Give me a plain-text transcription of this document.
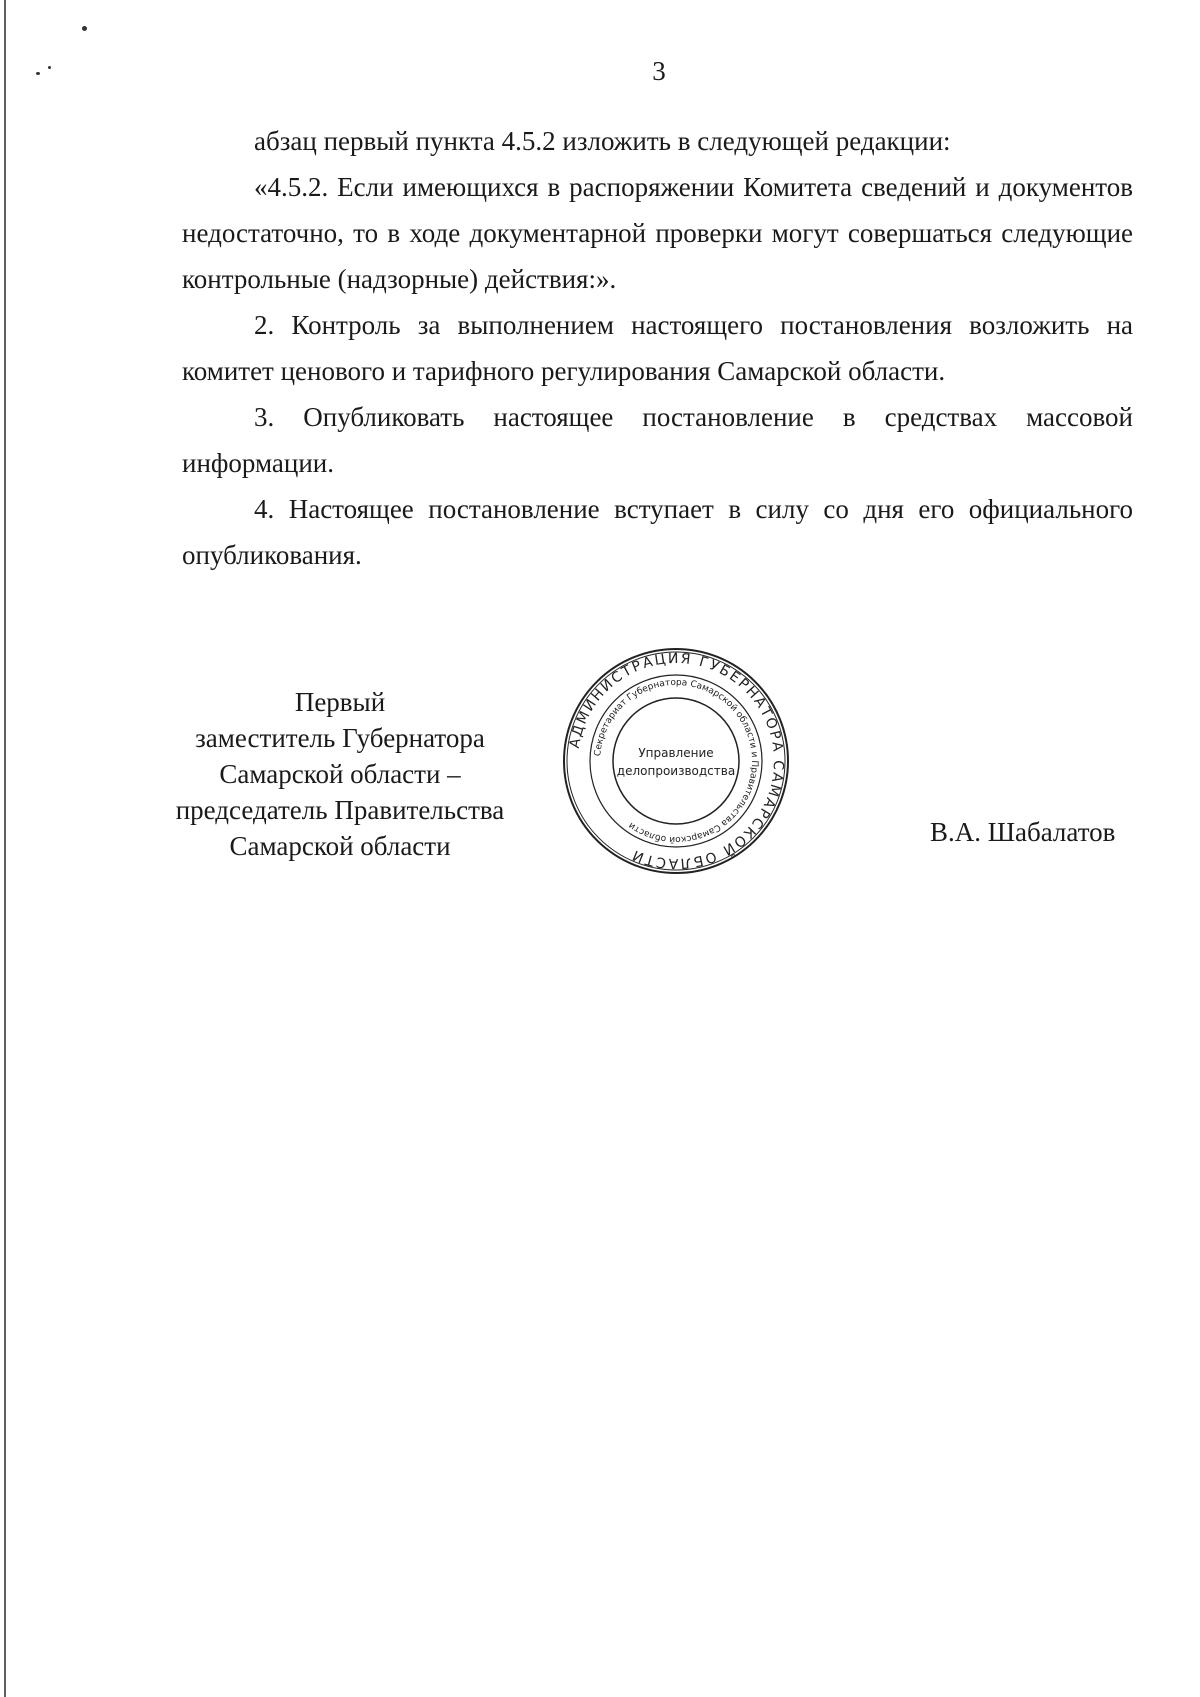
3

абзац первый пункта 4.5.2 изложить в следующей редакции:

«4.5.2. Если имеющихся в распоряжении Комитета сведений и документов недостаточно, то в ходе документарной проверки могут совершаться следующие контрольные (надзорные) действия:».

2. Контроль за выполнением настоящего постановления возложить на комитет ценового и тарифного регулирования Самарской области.

3. Опубликовать настоящее постановление в средствах массовой информации.

4. Настоящее постановление вступает в силу со дня его официального опубликования.

Первый
заместитель Губернатора
Самарской области –
председатель Правительства
Самарской области
АДМИНИСТРАЦИЯ ГУБЕРНАТОРА САМАРСКОЙ ОБЛАСТИ
Секретариат Губернатора Самарской области и Правительства Самарской области
Управление
делопроизводства
В.А. Шабалатов
